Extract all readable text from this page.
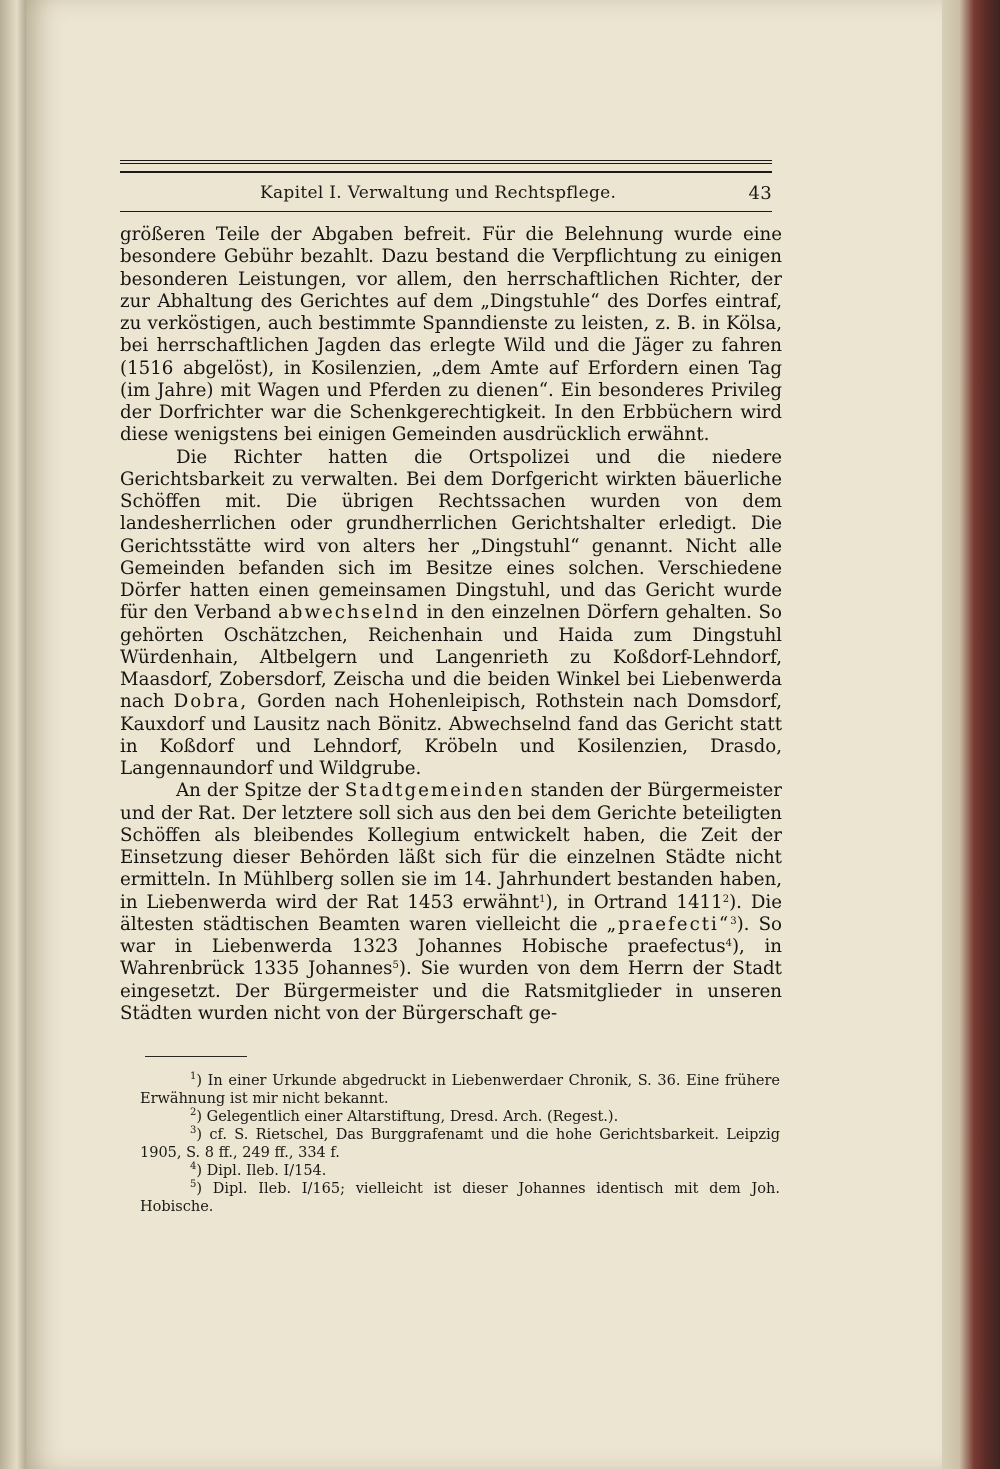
Kapitel I. Verwaltung und Rechtspflege.	43

größeren Teile der Abgaben befreit. Für die Belehnung wurde eine besondere Gebühr bezahlt. Dazu bestand die Verpflichtung zu einigen besonderen Leistungen, vor allem, den herrschaftlichen Richter, der zur Abhaltung des Gerichtes auf dem „Dingstuhle“ des Dorfes eintraf, zu verköstigen, auch bestimmte Spanndienste zu leisten, z. B. in Kölsa, bei herrschaftlichen Jagden das erlegte Wild und die Jäger zu fahren (1516 abgelöst), in Kosilenzien, „dem Amte auf Erfordern einen Tag (im Jahre) mit Wagen und Pferden zu dienen“. Ein besonderes Privileg der Dorfrichter war die Schenkgerechtigkeit. In den Erbbüchern wird diese wenigstens bei einigen Gemeinden ausdrücklich erwähnt.

Die Richter hatten die Ortspolizei und die niedere Gerichtsbarkeit zu verwalten. Bei dem Dorfgericht wirkten bäuerliche Schöffen mit. Die übrigen Rechtssachen wurden von dem landesherrlichen oder grundherrlichen Gerichtshalter erledigt. Die Gerichtsstätte wird von alters her „Dingstuhl“ genannt. Nicht alle Gemeinden befanden sich im Besitze eines solchen. Verschiedene Dörfer hatten einen gemeinsamen Dingstuhl, und das Gericht wurde für den Verband abwechselnd in den einzelnen Dörfern gehalten. So gehörten Oschätzchen, Reichenhain und Haida zum Dingstuhl Würdenhain, Altbelgern und Langenrieth zu Koßdorf-Lehndorf, Maasdorf, Zobersdorf, Zeischa und die beiden Winkel bei Liebenwerda nach Dobra, Gorden nach Hohenleipisch, Rothstein nach Domsdorf, Kauxdorf und Lausitz nach Bönitz. Abwechselnd fand das Gericht statt in Koßdorf und Lehndorf, Kröbeln und Kosilenzien, Drasdo, Langennaundorf und Wildgrube.

An der Spitze der Stadtgemeinden standen der Bürgermeister und der Rat. Der letztere soll sich aus den bei dem Gerichte beteiligten Schöffen als bleibendes Kollegium entwickelt haben, die Zeit der Einsetzung dieser Behörden läßt sich für die einzelnen Städte nicht ermitteln. In Mühlberg sollen sie im 14. Jahrhundert bestanden haben, in Liebenwerda wird der Rat 1453 erwähnt$^1$), in Ortrand 1411$^2$). Die ältesten städtischen Beamten waren vielleicht die „praefecti“$^3$). So war in Liebenwerda 1323 Johannes Hobische praefectus$^4$), in Wahrenbrück 1335 Johannes$^5$). Sie wurden von dem Herrn der Stadt eingesetzt. Der Bürgermeister und die Ratsmitglieder in unseren Städten wurden nicht von der Bürgerschaft ge-

$^1$) In einer Urkunde abgedruckt in Liebenwerdaer Chronik, S. 36. Eine frühere Erwähnung ist mir nicht bekannt.

$^2$) Gelegentlich einer Altarstiftung, Dresd. Arch. (Regest.).

$^3$) cf. S. Rietschel, Das Burggrafenamt und die hohe Gerichtsbarkeit. Leipzig 1905, S. 8 ff., 249 ff., 334 f.

$^4$) Dipl. Ileb. I/154.

$^5$) Dipl. Ileb. I/165; vielleicht ist dieser Johannes identisch mit dem Joh. Hobische.
